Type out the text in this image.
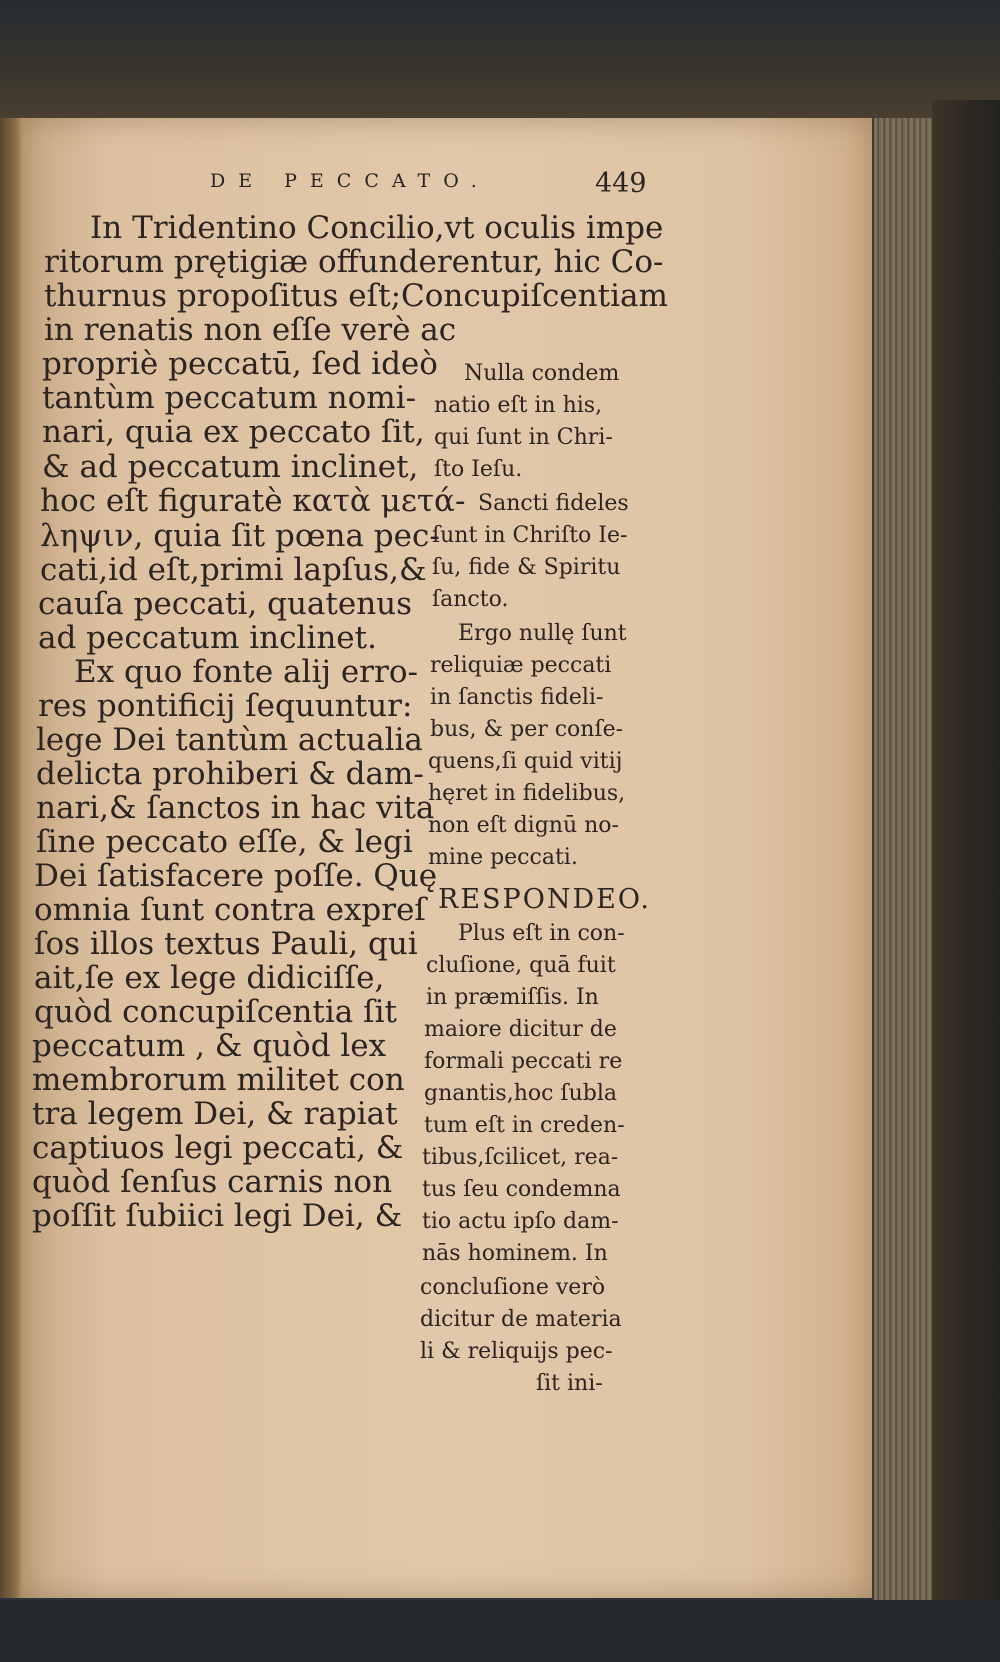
DE PECCATO.	449
In Tridentino Concilio,vt oculis impe
ritorum prętigiæ offunderentur, hic Co-
thurnus propoſitus eſt;Concupiſcentiam
in renatis non eſſe verè ac
propriè peccatū, ſed ideò
tantùm peccatum nomi-
nari, quia ex peccato ſit,
& ad peccatum inclinet,
hoc eſt figuratè κατὰ μετά-
ληψιν, quia ſit pœna pec-
cati,id eſt,primi lapſus,&
cauſa peccati, quatenus
ad peccatum inclinet.
Ex quo fonte alij erro-
res pontificij ſequuntur:
lege Dei tantùm actualia
delicta prohiberi & dam-
nari,& ſanctos in hac vita
ſine peccato eſſe, & legi
Dei ſatisfacere poſſe. Quę
omnia ſunt contra expreſ
ſos illos textus Pauli, qui
ait,ſe ex lege didiciſſe,
quòd concupiſcentia ſit
peccatum , & quòd lex
membrorum militet con
tra legem Dei, & rapiat
captiuos legi peccati, &
quòd ſenſus carnis non
poſſit ſubiici legi Dei, &
Nulla condem
natio eſt in his,
qui ſunt in Chri-
ſto Ieſu.
Sancti fideles
ſunt in Chriſto Ie-
ſu, fide & Spiritu
ſancto.
Ergo nullę ſunt
reliquiæ peccati
in ſanctis fideli-
bus, & per conſe-
quens,ſi quid vitij
hęret in fidelibus,
non eſt dignū no-
mine peccati.
RESPONDEO.
Plus eſt in con-
cluſione, quā fuit
in præmiſſis. In
maiore dicitur de
formali peccati re
gnantis,hoc ſubla
tum eſt in creden-
tibus,ſcilicet, rea-
tus ſeu condemna
tio actu ipſo dam-
nās hominem. In
concluſione verò
dicitur de materia
li & reliquijs pec-
ſit ini-
